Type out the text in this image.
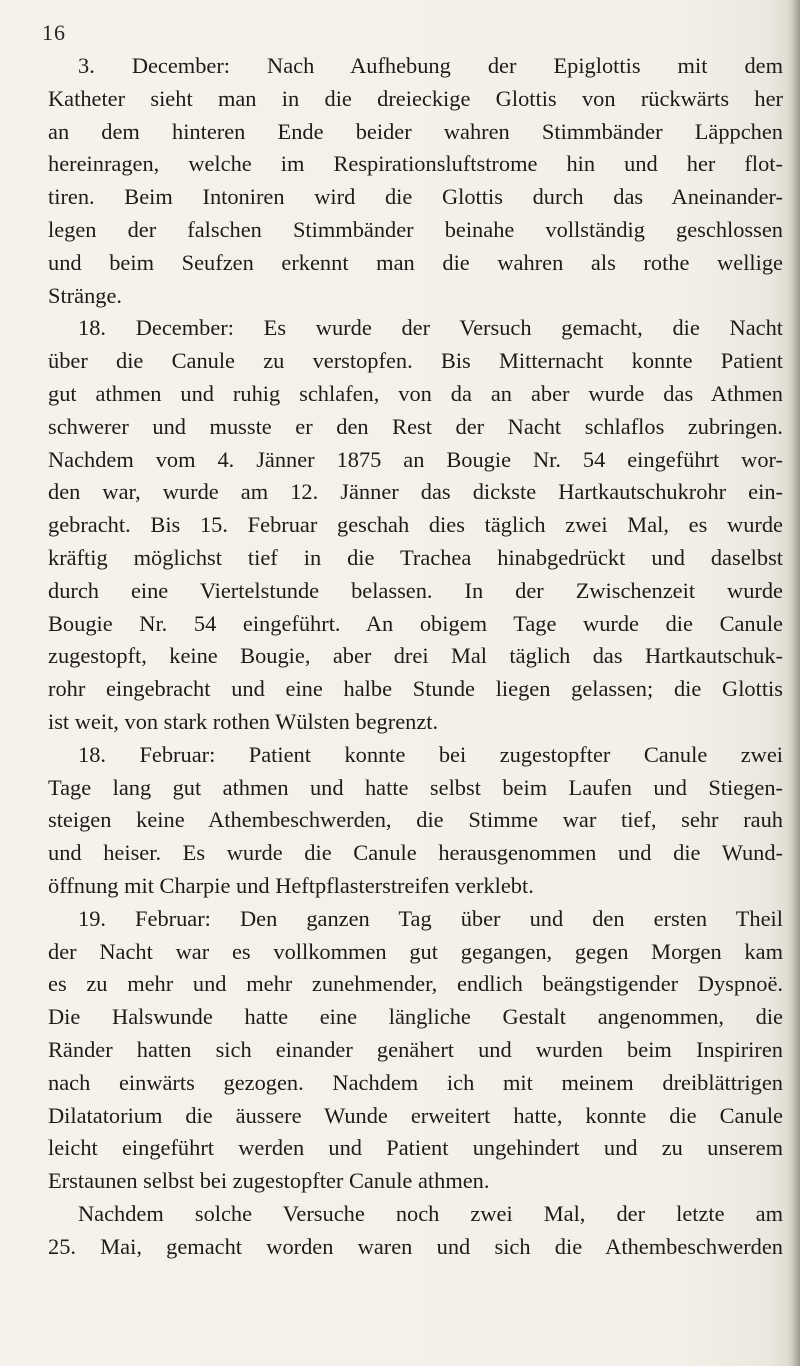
16

3. December: Nach Aufhebung der Epiglottis mit dem
Katheter sieht man in die dreieckige Glottis von rückwärts her
an dem hinteren Ende beider wahren Stimmbänder Läppchen
hereinragen, welche im Respirationsluftstrome hin und her flot-
tiren. Beim Intoniren wird die Glottis durch das Aneinander-
legen der falschen Stimmbänder beinahe vollständig geschlossen
und beim Seufzen erkennt man die wahren als rothe wellige
Stränge.

18. December: Es wurde der Versuch gemacht, die Nacht
über die Canule zu verstopfen. Bis Mitternacht konnte Patient
gut athmen und ruhig schlafen, von da an aber wurde das Athmen
schwerer und musste er den Rest der Nacht schlaflos zubringen.
Nachdem vom 4. Jänner 1875 an Bougie Nr. 54 eingeführt wor-
den war, wurde am 12. Jänner das dickste Hartkautschukrohr ein-
gebracht. Bis 15. Februar geschah dies täglich zwei Mal, es wurde
kräftig möglichst tief in die Trachea hinabgedrückt und daselbst
durch eine Viertelstunde belassen. In der Zwischenzeit wurde
Bougie Nr. 54 eingeführt. An obigem Tage wurde die Canule
zugestopft, keine Bougie, aber drei Mal täglich das Hartkautschuk-
rohr eingebracht und eine halbe Stunde liegen gelassen; die Glottis
ist weit, von stark rothen Wülsten begrenzt.

18. Februar: Patient konnte bei zugestopfter Canule zwei
Tage lang gut athmen und hatte selbst beim Laufen und Stiegen-
steigen keine Athembeschwerden, die Stimme war tief, sehr rauh
und heiser. Es wurde die Canule herausgenommen und die Wund-
öffnung mit Charpie und Heftpflasterstreifen verklebt.

19. Februar: Den ganzen Tag über und den ersten Theil
der Nacht war es vollkommen gut gegangen, gegen Morgen kam
es zu mehr und mehr zunehmender, endlich beängstigender Dyspnoë.
Die Halswunde hatte eine längliche Gestalt angenommen, die
Ränder hatten sich einander genähert und wurden beim Inspiriren
nach einwärts gezogen. Nachdem ich mit meinem dreiblättrigen
Dilatatorium die äussere Wunde erweitert hatte, konnte die Canule
leicht eingeführt werden und Patient ungehindert und zu unserem
Erstaunen selbst bei zugestopfter Canule athmen.

Nachdem solche Versuche noch zwei Mal, der letzte am
25. Mai, gemacht worden waren und sich die Athembeschwerden
